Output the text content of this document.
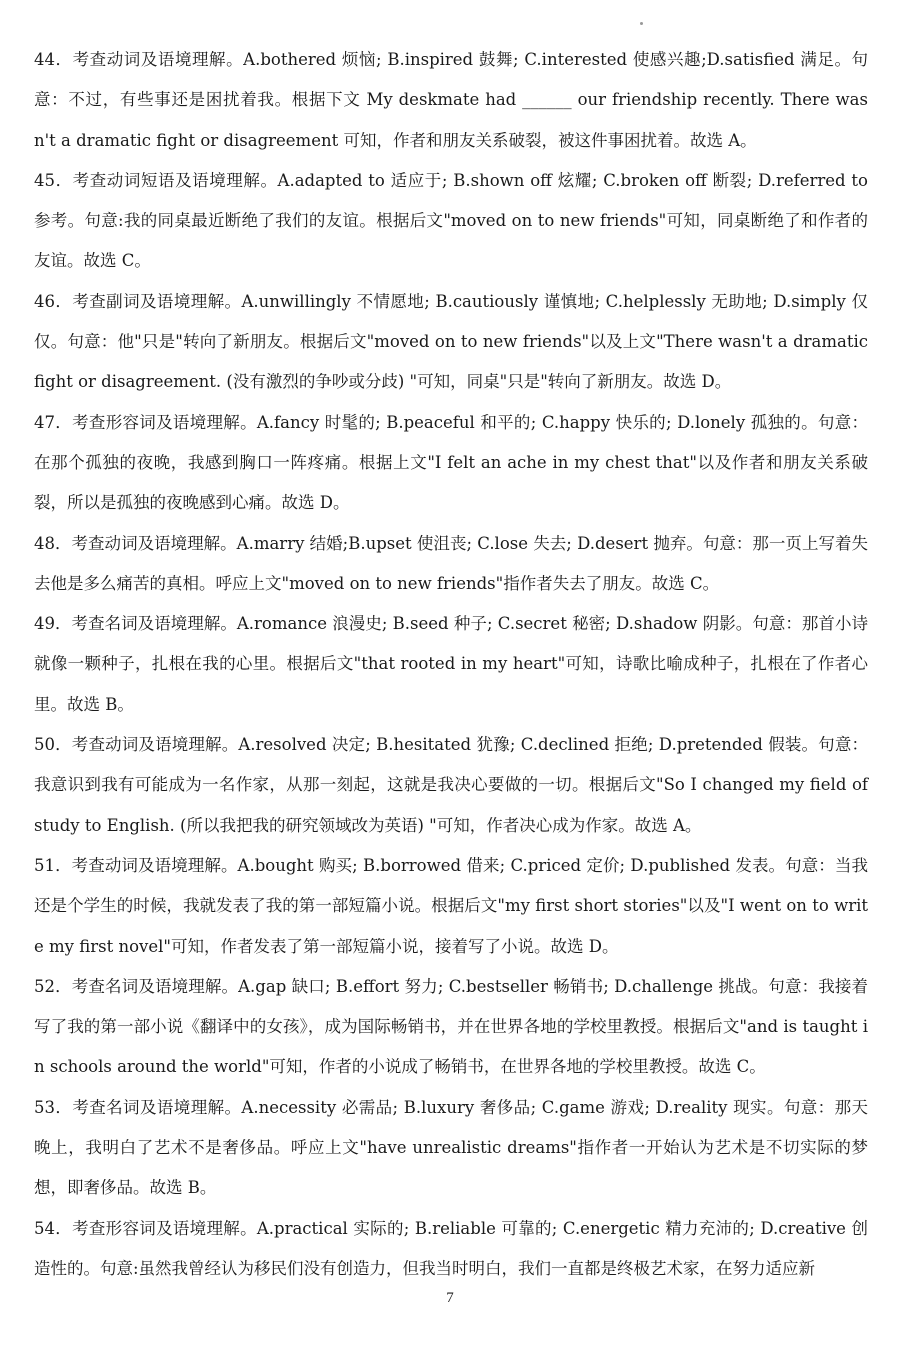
44．考查动词及语境理解。A.bothered 烦恼; B.inspired 鼓舞; C.interested 使感兴趣;D.satisfied 满足。句意：不过，有些事还是困扰着我。根据下文 My deskmate had ______ our friendship recently. There wasn't a dramatic fight or disagreement 可知，作者和朋友关系破裂，被这件事困扰着。故选 A。

45．考查动词短语及语境理解。A.adapted to 适应于; B.shown off 炫耀; C.broken off 断裂; D.referred to 参考。句意:我的同桌最近断绝了我们的友谊。根据后文"moved on to new friends"可知，同桌断绝了和作者的友谊。故选 C。

46．考查副词及语境理解。A.unwillingly 不情愿地; B.cautiously 谨慎地; C.helplessly 无助地; D.simply 仅仅。句意：他"只是"转向了新朋友。根据后文"moved on to new friends"以及上文"There wasn't a dramatic fight or disagreement. (没有激烈的争吵或分歧) "可知，同桌"只是"转向了新朋友。故选 D。

47．考查形容词及语境理解。A.fancy 时髦的; B.peaceful 和平的; C.happy 快乐的; D.lonely 孤独的。句意：在那个孤独的夜晚，我感到胸口一阵疼痛。根据上文"I felt an ache in my chest that"以及作者和朋友关系破裂，所以是孤独的夜晚感到心痛。故选 D。

48．考查动词及语境理解。A.marry 结婚;B.upset 使沮丧; C.lose 失去; D.desert 抛弃。句意：那一页上写着失去他是多么痛苦的真相。呼应上文"moved on to new friends"指作者失去了朋友。故选 C。

49．考查名词及语境理解。A.romance 浪漫史; B.seed 种子; C.secret 秘密; D.shadow 阴影。句意：那首小诗就像一颗种子，扎根在我的心里。根据后文"that rooted in my heart"可知，诗歌比喻成种子，扎根在了作者心里。故选 B。

50．考查动词及语境理解。A.resolved 决定; B.hesitated 犹豫; C.declined 拒绝; D.pretended 假装。句意：我意识到我有可能成为一名作家，从那一刻起，这就是我决心要做的一切。根据后文"So I changed my field of study to English. (所以我把我的研究领域改为英语) "可知，作者决心成为作家。故选 A。

51．考查动词及语境理解。A.bought 购买; B.borrowed 借来; C.priced 定价; D.published 发表。句意：当我还是个学生的时候，我就发表了我的第一部短篇小说。根据后文"my first short stories"以及"I went on to write my first novel"可知，作者发表了第一部短篇小说，接着写了小说。故选 D。

52．考查名词及语境理解。A.gap 缺口; B.effort 努力; C.bestseller 畅销书; D.challenge 挑战。句意：我接着写了我的第一部小说《翻译中的女孩》，成为国际畅销书，并在世界各地的学校里教授。根据后文"and is taught in schools around the world"可知，作者的小说成了畅销书，在世界各地的学校里教授。故选 C。

53．考查名词及语境理解。A.necessity 必需品; B.luxury 奢侈品; C.game 游戏; D.reality 现实。句意：那天晚上，我明白了艺术不是奢侈品。呼应上文"have unrealistic dreams"指作者一开始认为艺术是不切实际的梦想，即奢侈品。故选 B。

54．考查形容词及语境理解。A.practical 实际的; B.reliable 可靠的; C.energetic 精力充沛的; D.creative 创造性的。句意:虽然我曾经认为移民们没有创造力，但我当时明白，我们一直都是终极艺术家，在努力适应新

7
